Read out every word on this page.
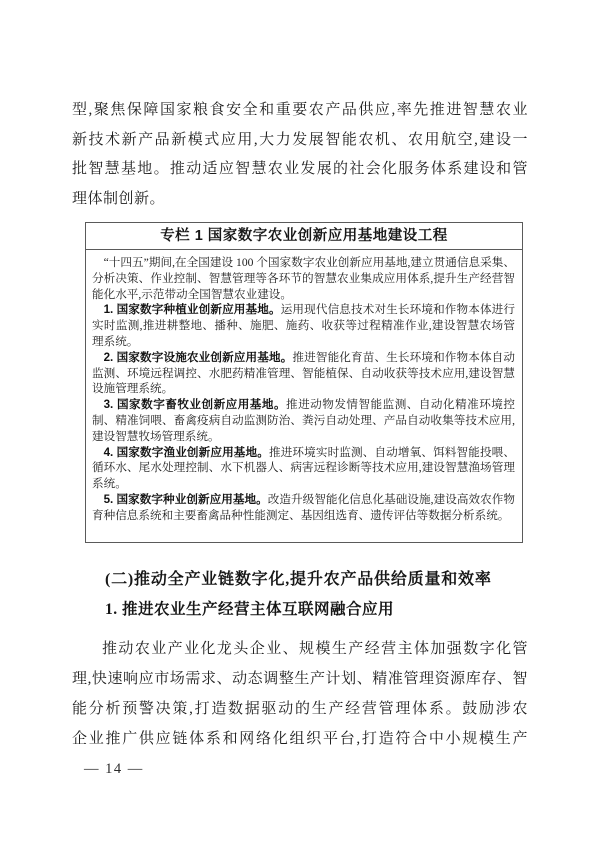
型,聚焦保障国家粮食安全和重要农产品供应,率先推进智慧农业
新技术新产品新模式应用,大力发展智能农机、农用航空,建设一
批智慧基地。推动适应智慧农业发展的社会化服务体系建设和管
理体制创新。
专栏 1 国家数字农业创新应用基地建设工程

“十四五”期间,在全国建设 100 个国家数字农业创新应用基地,建立贯通信息采集、分析决策、作业控制、智慧管理等各环节的智慧农业集成应用体系,提升生产经营智能化水平,示范带动全国智慧农业建设。

1. 国家数字种植业创新应用基地。运用现代信息技术对生长环境和作物本体进行实时监测,推进耕整地、播种、施肥、施药、收获等过程精准作业,建设智慧农场管理系统。

2. 国家数字设施农业创新应用基地。推进智能化育苗、生长环境和作物本体自动监测、环境远程调控、水肥药精准管理、智能植保、自动收获等技术应用,建设智慧设施管理系统。

3. 国家数字畜牧业创新应用基地。推进动物发情智能监测、自动化精准环境控制、精准饲喂、畜禽疫病自动监测防治、粪污自动处理、产品自动收集等技术应用,建设智慧牧场管理系统。

4. 国家数字渔业创新应用基地。推进环境实时监测、自动增氧、饵料智能投喂、循环水、尾水处理控制、水下机器人、病害远程诊断等技术应用,建设智慧渔场管理系统。

5. 国家数字种业创新应用基地。改造升级智能化信息化基础设施,建设高效农作物育种信息系统和主要畜禽品种性能测定、基因组选育、遗传评估等数据分析系统。

(二)推动全产业链数字化,提升农产品供给质量和效率
1. 推进农业生产经营主体互联网融合应用
推动农业产业化龙头企业、规模生产经营主体加强数字化管
理,快速响应市场需求、动态调整生产计划、精准管理资源库存、智
能分析预警决策,打造数据驱动的生产经营管理体系。鼓励涉农
企业推广供应链体系和网络化组织平台,打造符合中小规模生产
— 14 —
